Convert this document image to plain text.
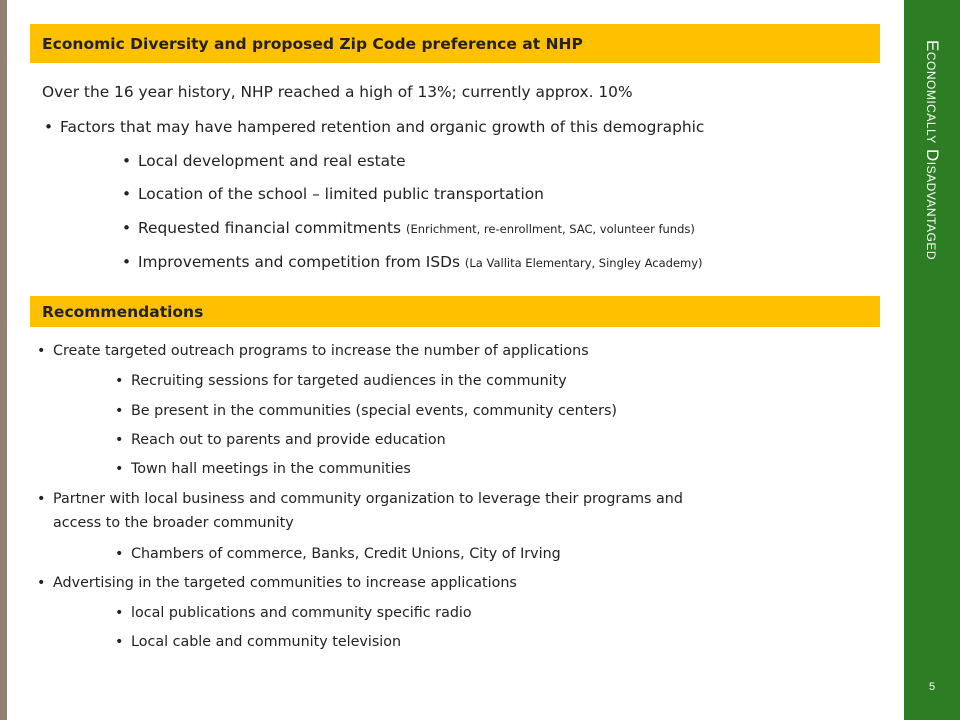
Economically Disadvantaged
5
Economic Diversity and proposed Zip Code preference at NHP
Over the 16 year history, NHP reached a high of 13%; currently approx. 10%
• Factors that may have hampered retention and organic growth of this demographic
• Local development and real estate
• Location of the school – limited public transportation
• Requested financial commitments (Enrichment, re-enrollment, SAC, volunteer funds)
• Improvements and competition from ISDs (La Vallita Elementary, Singley Academy)
Recommendations
• Create targeted outreach programs to increase the number of applications
• Recruiting sessions for targeted audiences in the community
• Be present in the communities (special events, community centers)
• Reach out to parents and provide education
• Town hall meetings in the communities
• Partner with local business and community organization to leverage their programs and
access to the broader community
• Chambers of commerce, Banks, Credit Unions, City of Irving
• Advertising in the targeted communities to increase applications
• local publications and community specific radio
• Local cable and community television
